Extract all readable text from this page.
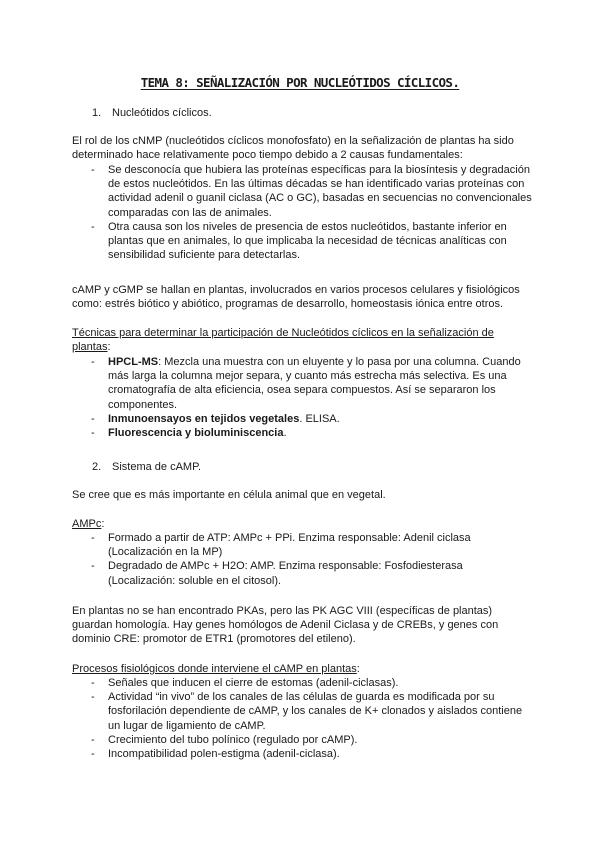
TEMA 8: SEÑALIZACIÓN POR NUCLEÓTIDOS CÍCLICOS.
1. Nucleótidos cíclicos.

El rol de los cNMP (nucleótidos cíclicos monofosfato) en la señalización de plantas ha sido determinado hace relativamente poco tiempo debido a 2 causas fundamentales:

- Se desconocía que hubiera las proteínas específicas para la biosíntesis y degradación de estos nucleótidos. En las últimas décadas se han identificado varias proteínas con actividad adenil o guanil ciclasa (AC o GC), basadas en secuencias no convencionales comparadas con las de animales.
- Otra causa son los niveles de presencia de estos nucleótidos, bastante inferior en plantas que en animales, lo que implicaba la necesidad de técnicas analíticas con sensibilidad suficiente para detectarlas.

cAMP y cGMP se hallan en plantas, involucrados en varios procesos celulares y fisiológicos como: estrés biótico y abiótico, programas de desarrollo, homeostasis iónica entre otros.

Técnicas para determinar la participación de Nucleótidos cíclicos en la señalización de plantas:

- HPCL-MS: Mezcla una muestra con un eluyente y lo pasa por una columna. Cuando más larga la columna mejor separa, y cuanto más estrecha más selectiva. Es una cromatografía de alta eficiencia, osea separa compuestos. Así se separaron los componentes.
- Inmunoensayos en tejidos vegetales. ELISA.
- Fluorescencia y bioluminiscencia.
2. Sistema de cAMP.

Se cree que es más importante en célula animal que en vegetal.

AMPc:

- Formado a partir de ATP: AMPc + PPi. Enzima responsable: Adenil ciclasa (Localización en la MP)
- Degradado de AMPc + H2O: AMP. Enzima responsable: Fosfodiesterasa (Localización: soluble en el citosol).

En plantas no se han encontrado PKAs, pero las PK AGC VIII (específicas de plantas) guardan homología. Hay genes homólogos de Adenil Ciclasa y de CREBs, y genes con dominio CRE: promotor de ETR1 (promotores del etileno).

Procesos fisiológicos donde interviene el cAMP en plantas:

- Señales que inducen el cierre de estomas (adenil-ciclasas).
- Actividad “in vivo” de los canales de las células de guarda es modificada por su fosforilación dependiente de cAMP, y los canales de K+ clonados y aislados contiene un lugar de ligamiento de cAMP.
- Crecimiento del tubo polínico (regulado por cAMP).
- Incompatibilidad polen-estigma (adenil-ciclasa).
